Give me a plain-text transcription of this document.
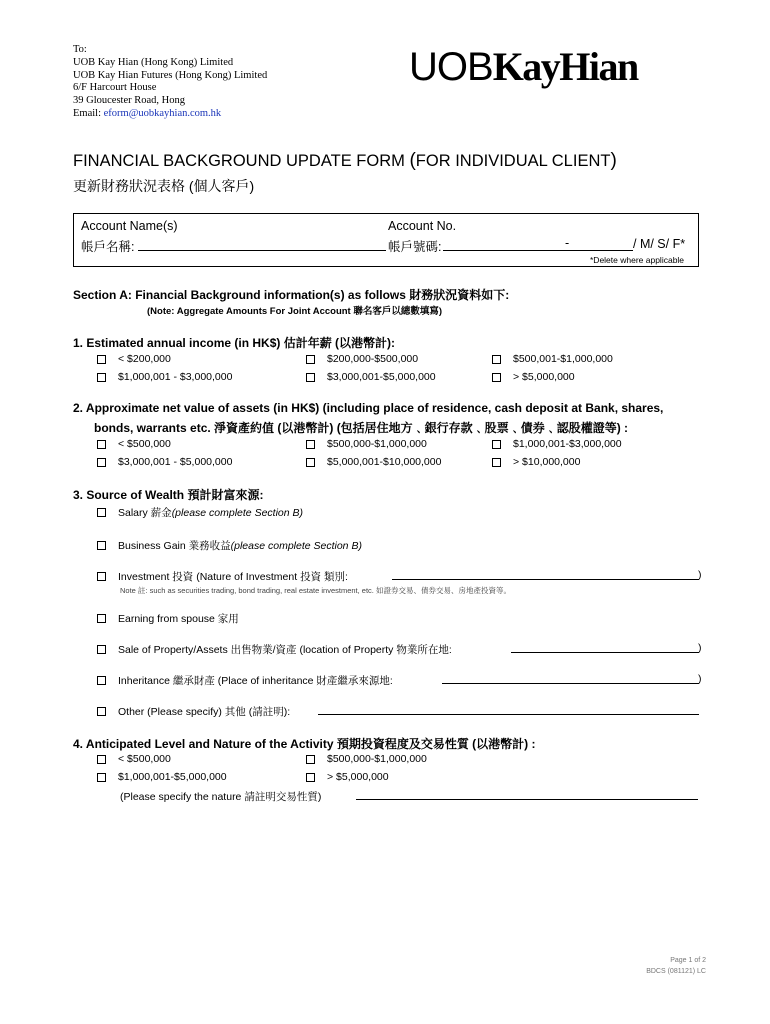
To:
UOB Kay Hian (Hong Kong) Limited
UOB Kay Hian Futures (Hong Kong) Limited
6/F Harcourt House
39 Gloucester Road, Hong
Email: eform@uobkayhian.com.hk
UOBKayHian
FINANCIAL BACKGROUND UPDATE FORM (FOR INDIVIDUAL CLIENT)
更新財務狀況表格 (個人客戶)
Account Name(s)
帳戶名稱:
Account No.
帳戶號碼:	-	/ M/ S/ F*
*Delete where applicable
Section A: Financial Background information(s) as follows 財務狀況資料如下:
(Note: Aggregate Amounts For Joint Account 聯名客戶以總數填寫)
1. Estimated annual income (in HK$) 估計年薪 (以港幣計):
< $200,000	$200,000-$500,000	$500,001-$1,000,000
$1,000,001 - $3,000,000	$3,000,001-$5,000,000	> $5,000,000
2. Approximate net value of assets (in HK$) (including place of residence, cash deposit at Bank, shares,
bonds, warrants etc. 淨資產約值 (以港幣計) (包括居住地方﹑銀行存款﹑股票﹑債券﹑認股權證等) :
< $500,000	$500,000-$1,000,000	$1,000,001-$3,000,000
$3,000,001 - $5,000,000	$5,000,001-$10,000,000	> $10,000,000
3. Source of Wealth 預計財富來源:
Salary 薪金 (please complete Section B)
Business Gain 業務收益 (please complete Section B)
Investment 投資 (Nature of Investment 投資 類別:	)
Note 註: such as securities trading, bond trading, real estate investment, etc. 如證券交易、債券交易、房地產投資等。
Earning from spouse 家用
Sale of Property/Assets 出售物業/資產 (location of Property 物業所在地:	)
Inheritance 繼承財產 (Place of inheritance 財產繼承來源地:	)
Other (Please specify) 其他 (請註明):
4. Anticipated Level and Nature of the Activity 預期投資程度及交易性質 (以港幣計) :
< $500,000	$500,000-$1,000,000
$1,000,001-$5,000,000	> $5,000,000
(Please specify the nature 請註明交易性質)
Page 1 of 2
BDCS (081121) LC
